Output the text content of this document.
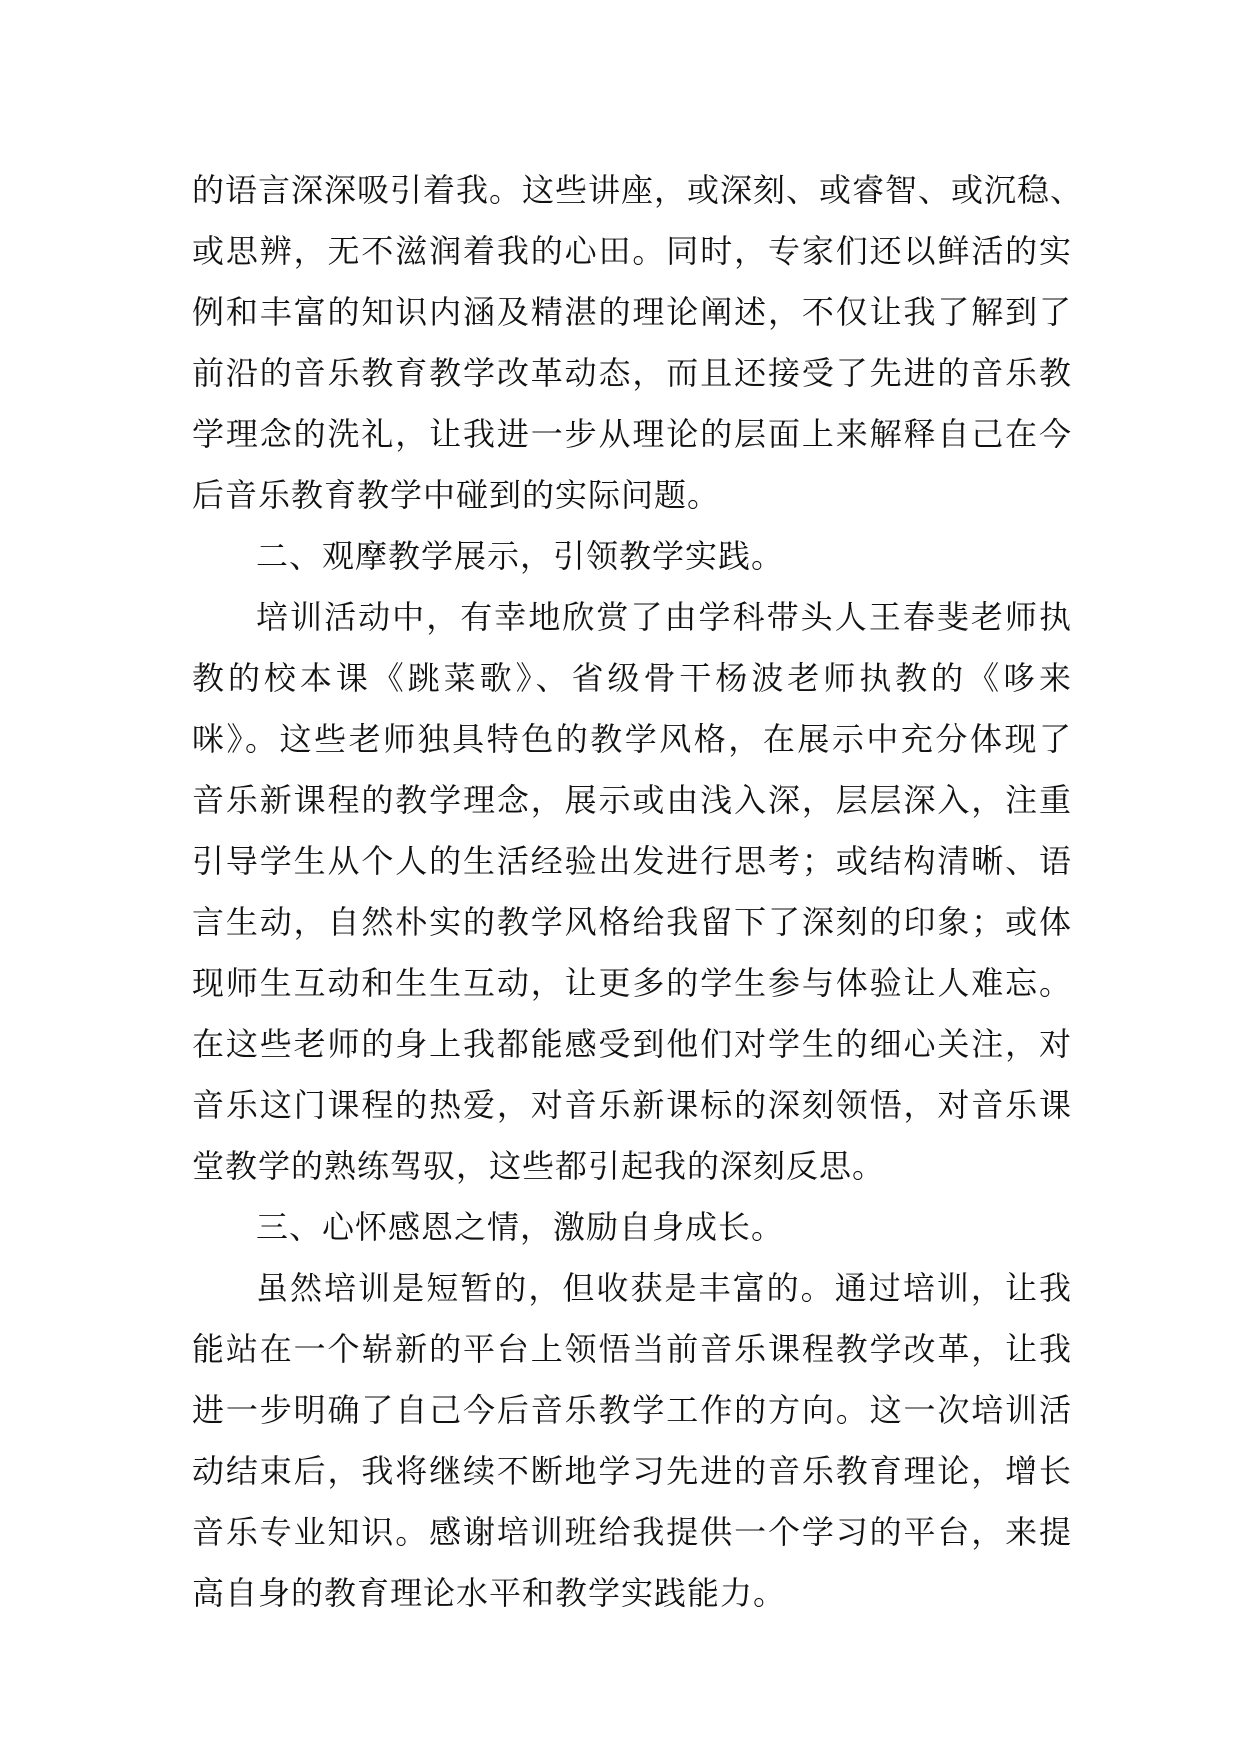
的语言深深吸引着我。这些讲座，或深刻、或睿智、或沉稳、
或思辨，无不滋润着我的心田。同时，专家们还以鲜活的实
例和丰富的知识内涵及精湛的理论阐述，不仅让我了解到了
前沿的音乐教育教学改革动态，而且还接受了先进的音乐教
学理念的洗礼，让我进一步从理论的层面上来解释自己在今
后音乐教育教学中碰到的实际问题。
二、观摩教学展示，引领教学实践。
培训活动中，有幸地欣赏了由学科带头人王春斐老师执
教的校本课《跳菜歌》、省级骨干杨波老师执教的《哆来
咪》。这些老师独具特色的教学风格，在展示中充分体现了
音乐新课程的教学理念，展示或由浅入深，层层深入，注重
引导学生从个人的生活经验出发进行思考；或结构清晰、语
言生动，自然朴实的教学风格给我留下了深刻的印象；或体
现师生互动和生生互动，让更多的学生参与体验让人难忘。
在这些老师的身上我都能感受到他们对学生的细心关注，对
音乐这门课程的热爱，对音乐新课标的深刻领悟，对音乐课
堂教学的熟练驾驭，这些都引起我的深刻反思。
三、心怀感恩之情，激励自身成长。
虽然培训是短暂的，但收获是丰富的。通过培训，让我
能站在一个崭新的平台上领悟当前音乐课程教学改革，让我
进一步明确了自己今后音乐教学工作的方向。这一次培训活
动结束后，我将继续不断地学习先进的音乐教育理论，增长
音乐专业知识。感谢培训班给我提供一个学习的平台，来提
高自身的教育理论水平和教学实践能力。
